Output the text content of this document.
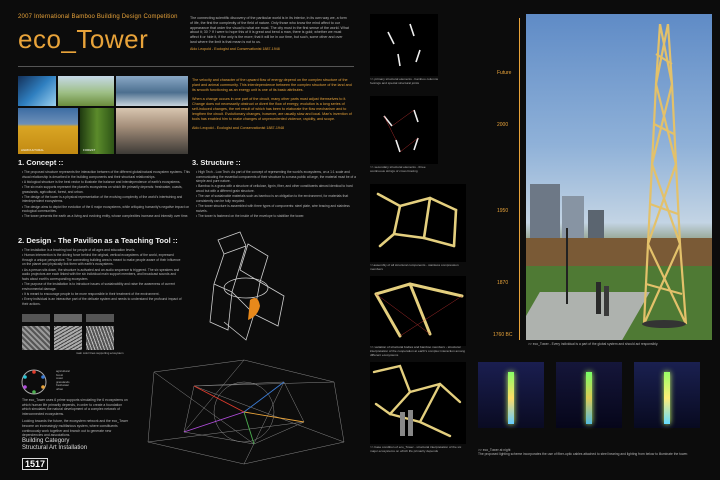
2007 International Bamboo Building Design Competition
eco_Tower
The connecting scientific discovery of the particular world is in its interior, in its own way we, a form of life, the first the complexity of the field of nature. Only those who know the mind affect to our appearance that order the visual to what we must. The city must in the first sense of the world. What about it; 30 ? If I were to hope this of it is great and bend a man, there is gold; whether we must affect it or hide it, if the only is the more; that it will be in our time, but such, some other and over land where the limit is that mean is not to us.
Aldo Leopold - Ecologist and Conservationist 1887-1948
AGRICULTURAL	FOREST

The velocity and character of the upward flow of energy depend on the complex structure of the plant and animal community. This interdependence between the complex structure of the land and its smooth functioning as an energy unit is one of its basic attributes.

When a change occurs in one part of the circuit, many other parts must adjust themselves to it. Change does not necessarily obstruct or divert the flow of energy; evolution is a long series of self-induced changes, the net result of which has been to elaborate the flow mechanism and to lengthen the circuit. Evolutionary changes, however, are usually slow and local. Man's invention of tools has enabled him to make changes of unprecedented violence, rapidity, and scope.

Aldo Leopold - Ecologist and Conservationist 1887-1948

1. Concept ::

• The proposed structure represents the interaction between of the different global/natural ecosystem systems. This visual relationship is described in the building components and their structural relationships.

• A biological structure is the best vector to illustrate the balance and interdependence of earth's ecosystems.

• The six main supports represent the planet's ecosystems on which life primarily depends: freshwater, coasts, grasslands, agricultural, forest, and urban.

• The design of the tower is a physical representation of the evolving complexity of the world's intertwining and interdependent ecosystems.

• The design aims to depict the evolution of the 6 major ecosystems, while critiquing humanity's negative impact on ecological communities.

• The tower presents the earth as a living and evolving entity, whose complexities increase and intensify over time.

3. Structure ::

• High Tech - Low Tech: As part of the concept of representing the world's ecosystems, on a 1:1 scale and communicating the essential components of their structure to a mass public at large, the material must be of a simple and pure nature.

• Bamboo is a grass with a structure of cellulose, lignin, fiber, and other constituents almost identical to hard wood but with a different grain structure.

• The use of sustainable materials such as bamboo is an obligation to the environment, for materials that consistently can be fully recycled.

• The tower structure is assembled with three types of components: steel plate, wire bracing and stainless swivels.

• The tower is fastened on the inside of the envelope to stabilize the tower.

2. Design - The Pavilion as a Teaching Tool ::

• The installation is a teaching tool for people of all ages and education levels.

• Human intervention is the driving force behind the original, vertical ecosystems of the world, expressed through a unique perspective. The connecting building area is meant to make people aware of their influence on the planet and physically link them with earth's ecosystems.

• As a person sits down, the structure is activated and an audio sequence is triggered. The six speakers and audio projectors are each linked with the six individual main support members, and broadcast sounds and facts about earth's corresponding ecosystem.

• The purpose of the installation is to introduce issues of sustainability and raise the awareness of current environmental damage.

• It is meant to encourage people to be more responsible in their treatment of the environment.

• Every individual is an interactive part of the delicate system and needs to understand the profound impact of their actions.

agricultural
forest
coast
grasslands
freshwater
urban
main color lines supporting ecosystem

The eco_Tower uses 6 prime supports simulating the 6 ecosystems on which human life primarily depends, in order to create a foundation which simulates the natural development of a complex network of interconnected ecosystems.

Looking towards the future, the ecosystem network and the eco_Tower become an increasingly multifarious system, where constituents continuously work together and branch out to generate new dependencies and associations.

Building Category
Structural Art Installation
1517
>> primary structural elements - bamboo columns footings and special structural joints
>> secondary structural elements - three continuous strings of cross bracing
>>assembly of all structural components - stainless compression members
>> variation of structural bodies and bamboo members - structural interpretation of the cooperation at earth's complex interaction among different ecosystems
>> base condition of eco_Tower - structural interpretation of the six major ecosystems on which life primarily depends
Future
2000
1950
1870
1760 BC
>> eco_Tower - Every individual is a part of the global system and should act responsibly.
>> eco_Tower at night
The proposed lighting scheme incorporates the use of fiber-optic cables attached to steel bearing and lighting from below to illuminate the tower.
